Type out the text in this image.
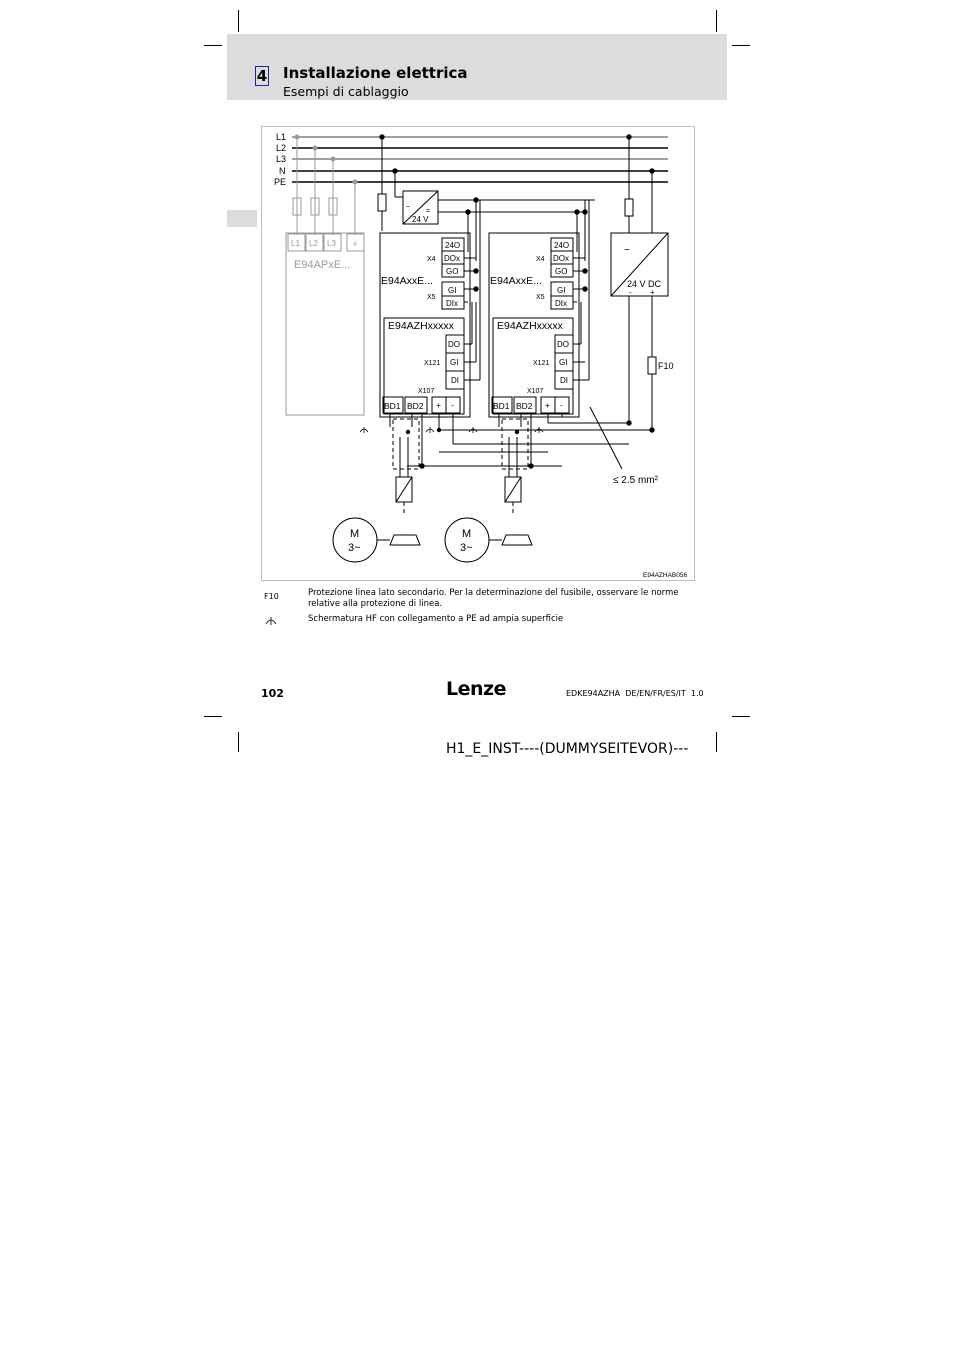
4 Installazione elettrica
Esempi di cablaggio
L1
L2
L3
N
PE
L1 L2 L3 ⏚
E94APxE...
~
=
24 V
E94AxxE...
X4
24O
DOx
GO
X5
GI
DIx
E94AZHxxxxx
X121
DO
GI
DI
X107
BD1 BD2 + -
E94AxxE...
X4
24O
DOx
GO
X5
GI
DIx
E94AZHxxxxx
X121
DO
GI
DI
X107
BD1 BD2 + -
~
24 V DC
- +
F10
M
3~
M
3~
≤ 2.5 mm²
E94AZHAB056
F10	Protezione linea lato secondario. Per la determinazione del fusibile, osservare le norme relative alla protezione di linea.
Schermatura HF con collegamento a PE ad ampia superficie
102	Lenze	EDKE94AZHA  DE/EN/FR/ES/IT  1.0
H1_E_INST----(DUMMYSEITEVOR)---
